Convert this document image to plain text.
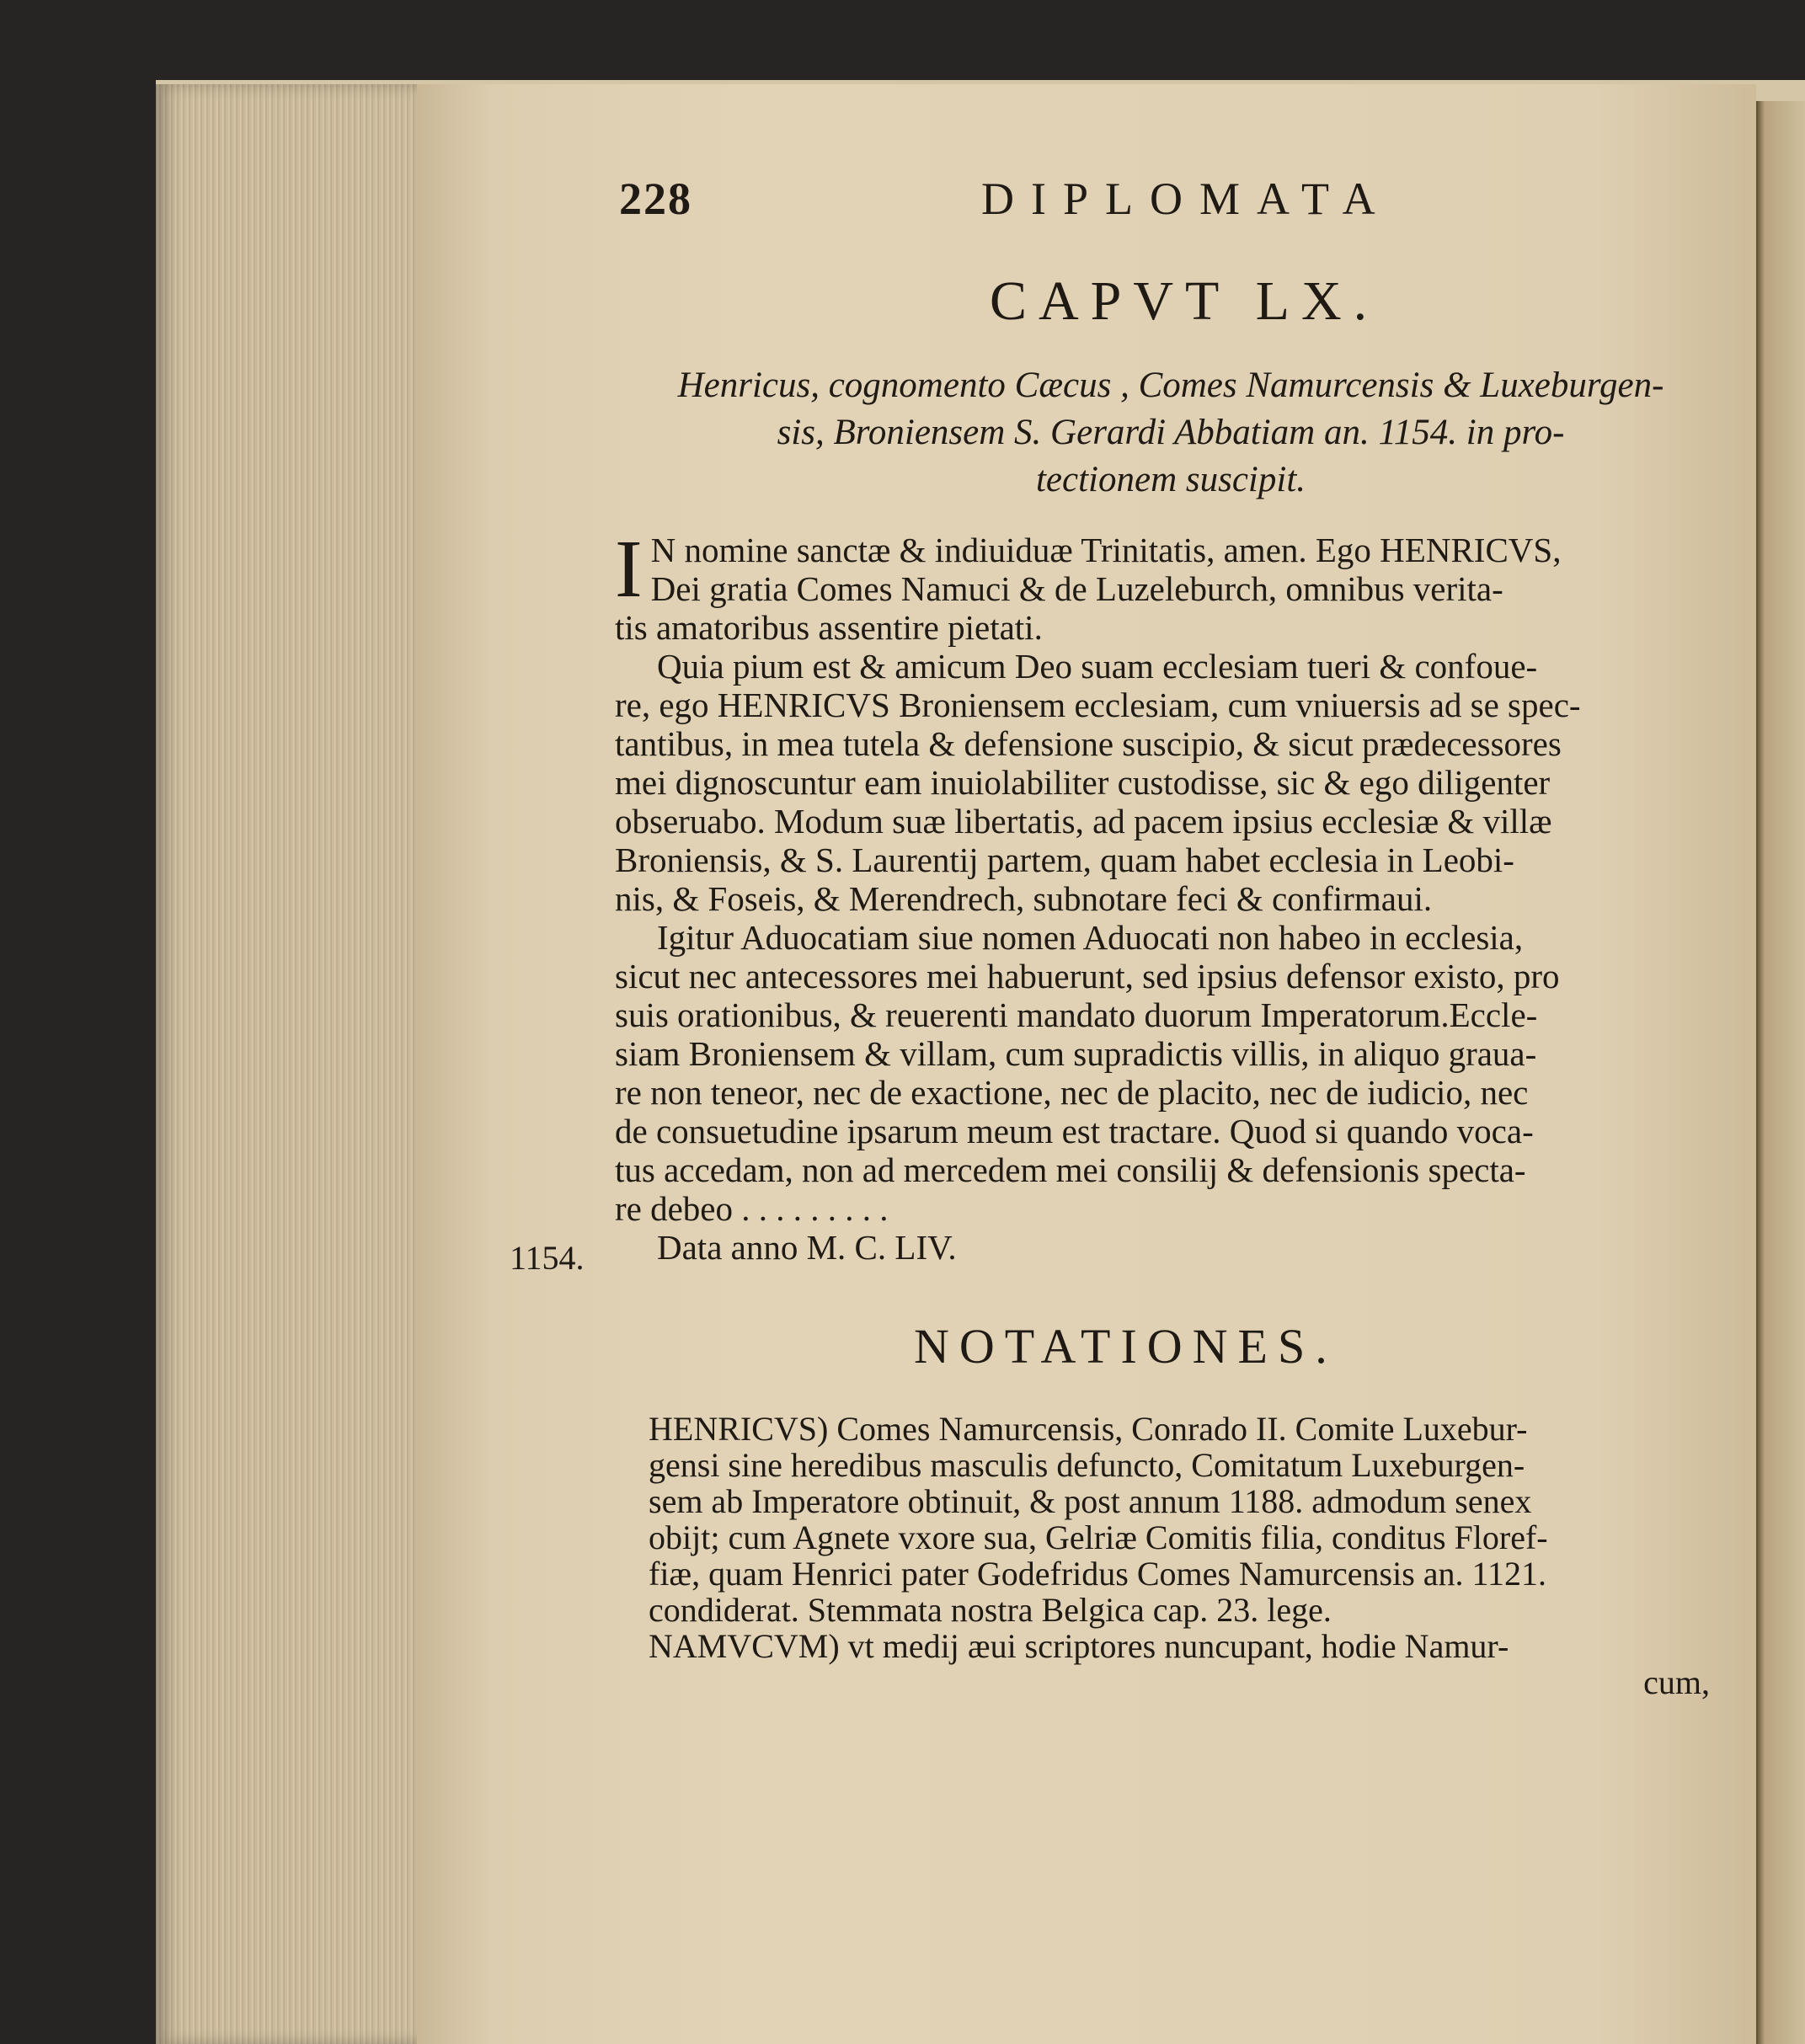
228	DIPLOMATA
CAPVT LX.
Henricus, cognomento Cæcus , Comes Namurcensis & Luxeburgen-
sis, Broniensem S. Gerardi Abbatiam an. 1154. in pro-
tectionem suscipit.
I N nomine sanctæ & indiuiduæ Trinitatis, amen. Ego HENRICVS,
Dei gratia Comes Namuci & de Luzeleburch, omnibus verita-
tis amatoribus assentire pietati.
Quia pium est & amicum Deo suam ecclesiam tueri & confoue-
re, ego HENRICVS Broniensem ecclesiam, cum vniuersis ad se spec-
tantibus, in mea tutela & defensione suscipio, & sicut prædecessores
mei dignoscuntur eam inuiolabiliter custodisse, sic & ego diligenter
obseruabo. Modum suæ libertatis, ad pacem ipsius ecclesiæ & villæ
Broniensis, & S. Laurentij partem, quam habet ecclesia in Leobi-
nis, & Foseis, & Merendrech, subnotare feci & confirmaui.
Igitur Aduocatiam siue nomen Aduocati non habeo in ecclesia,
sicut nec antecessores mei habuerunt, sed ipsius defensor existo, pro
suis orationibus, & reuerenti mandato duorum Imperatorum.Eccle-
siam Broniensem & villam, cum supradictis villis, in aliquo graua-
re non teneor, nec de exactione, nec de placito, nec de iudicio, nec
de consuetudine ipsarum meum est tractare. Quod si quando voca-
tus accedam, non ad mercedem mei consilij & defensionis specta-
re debeo . . . . . . . . .
Data anno M. C. LIV.
1154.
NOTATIONES.
HENRICVS) Comes Namurcensis, Conrado II. Comite Luxebur-
gensi sine heredibus masculis defuncto, Comitatum Luxeburgen-
sem ab Imperatore obtinuit, & post annum 1188. admodum senex
obijt; cum Agnete vxore sua, Gelriæ Comitis filia, conditus Floref-
fiæ, quam Henrici pater Godefridus Comes Namurcensis an. 1121.
condiderat. Stemmata nostra Belgica cap. 23. lege.
NAMVCVM) vt medij æui scriptores nuncupant, hodie Namur-
cum,
